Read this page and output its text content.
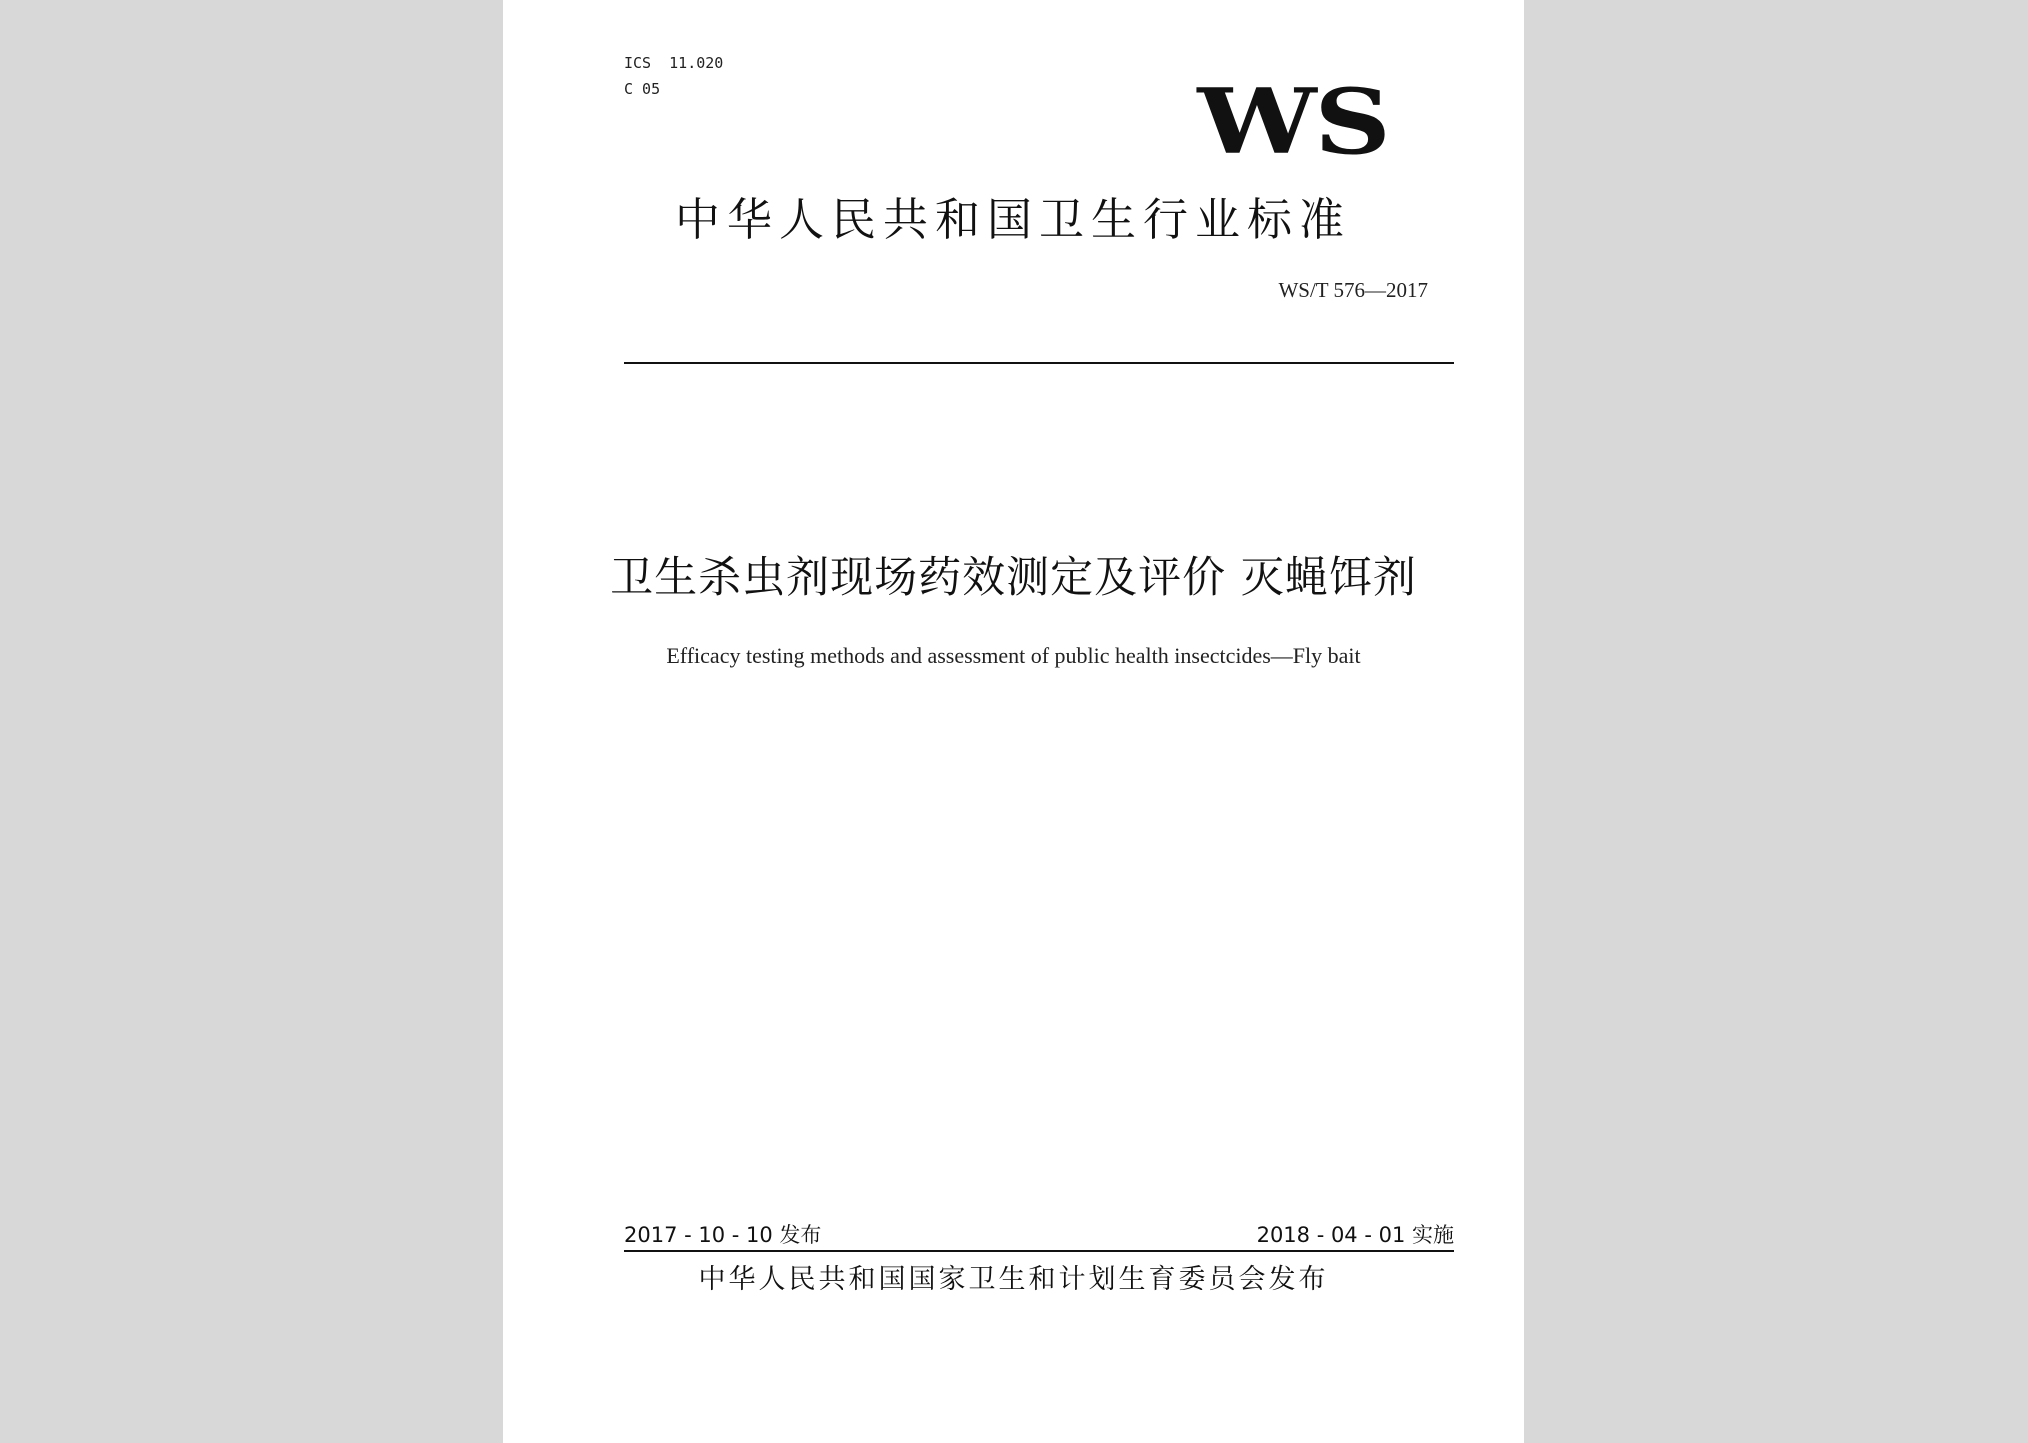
ICS  11.020
C 05	WS
中华人民共和国卫生行业标准
WS/T 576—2017
卫生杀虫剂现场药效测定及评价 灭蝇饵剂
Efficacy testing methods and assessment of public health insectcides—Fly bait
2017 - 10 - 10 发布	2018 - 04 - 01 实施
中华人民共和国国家卫生和计划生育委员会发布
